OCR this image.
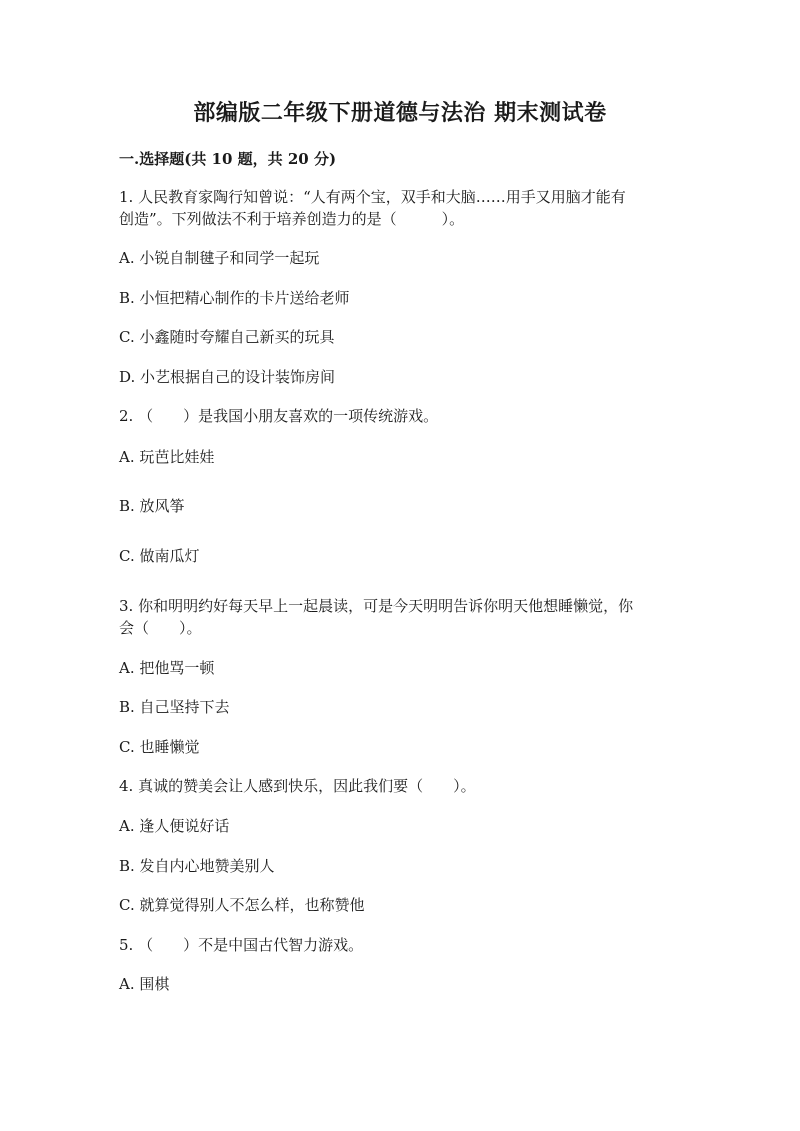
部编版二年级下册道德与法治 期末测试卷
一.选择题(共 10 题，共 20 分)
1. 人民教育家陶行知曾说：“人有两个宝，双手和大脑……用手又用脑才能有
创造”。下列做法不利于培养创造力的是（　　　）。
A. 小锐自制毽子和同学一起玩
B. 小恒把精心制作的卡片送给老师
C. 小鑫随时夸耀自己新买的玩具
D. 小艺根据自己的设计装饰房间
2. （　　）是我国小朋友喜欢的一项传统游戏。
A. 玩芭比娃娃
B. 放风筝
C. 做南瓜灯
3. 你和明明约好每天早上一起晨读，可是今天明明告诉你明天他想睡懒觉，你
会（　　）。
A. 把他骂一顿
B. 自己坚持下去
C. 也睡懒觉
4. 真诚的赞美会让人感到快乐，因此我们要（　　）。
A. 逢人便说好话
B. 发自内心地赞美别人
C. 就算觉得别人不怎么样，也称赞他
5. （　　）不是中国古代智力游戏。
A. 围棋
